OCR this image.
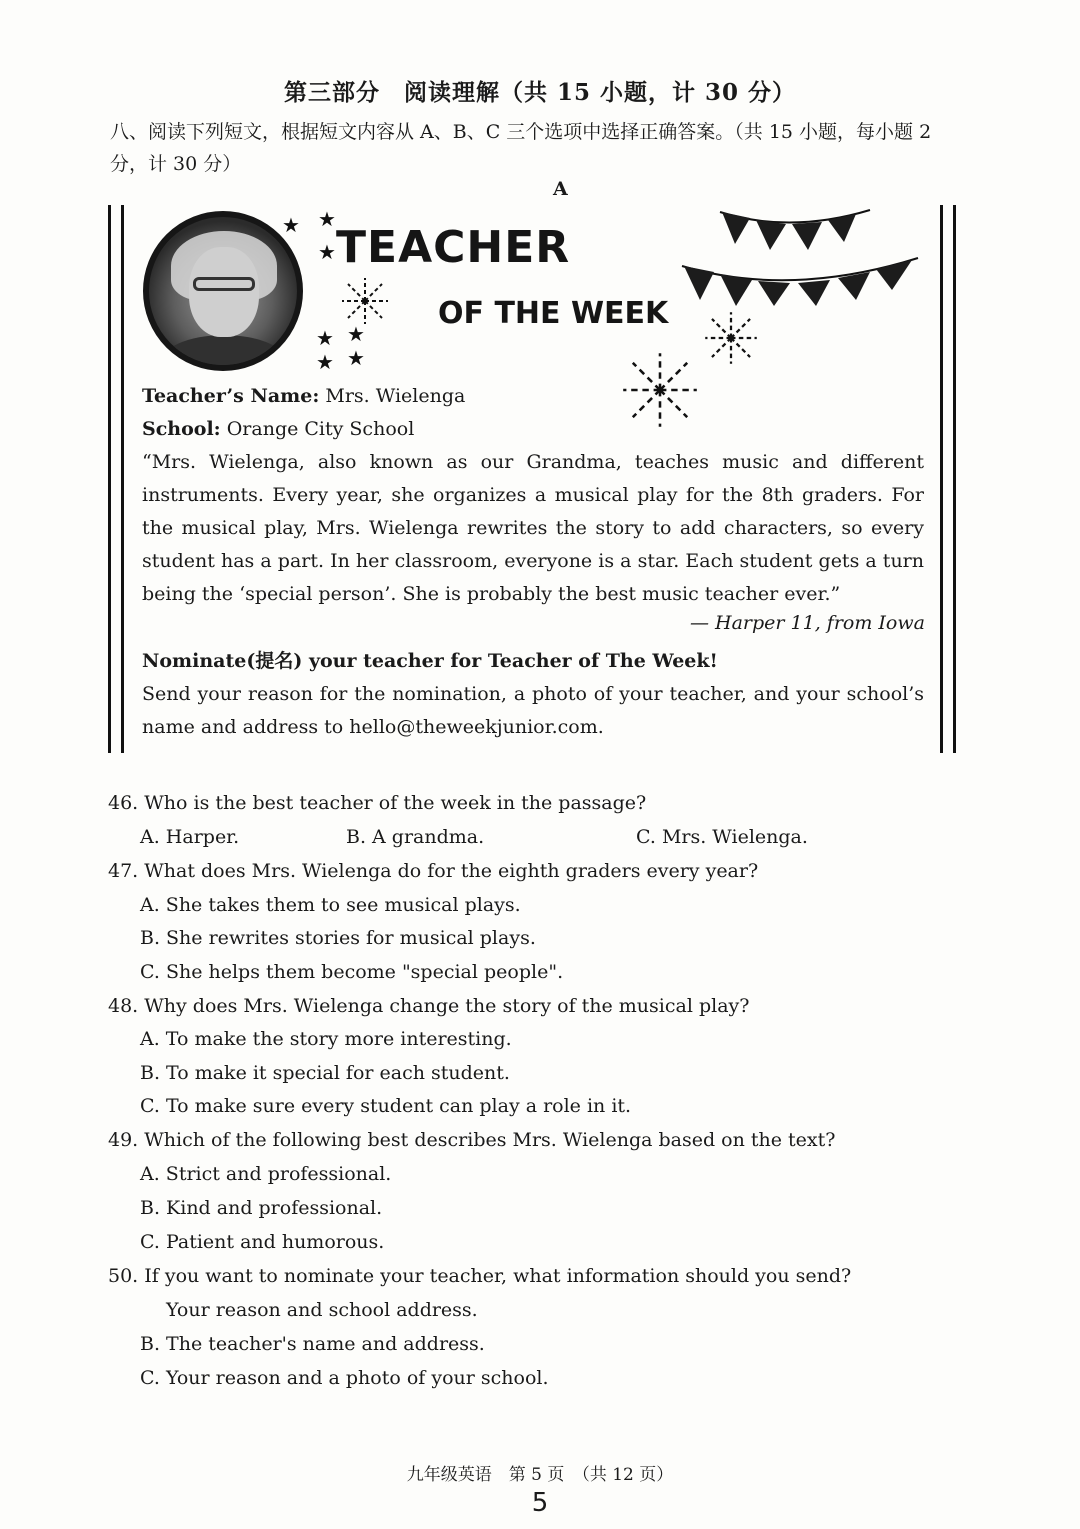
第三部分　阅读理解（共 15 小题，计 30 分）
八、阅读下列短文，根据短文内容从 A、B、C 三个选项中选择正确答案。（共 15 小题，每小题 2 分，计 30 分）
A
★ ★
★
★ ★
★
★
TEACHER
OF THE WEEK
Teacher’s Name: Mrs. Wielenga
School: Orange City School
“Mrs. Wielenga, also known as our Grandma, teaches music and different instruments. Every year, she organizes a musical play for the 8th graders. For the musical play, Mrs. Wielenga rewrites the story to add characters, so every student has a part. In her classroom, everyone is a star. Each student gets a turn being the ‘special person’. She is probably the best music teacher ever.”
— Harper 11, from Iowa
Nominate(提名) your teacher for Teacher of The Week!
Send your reason for the nomination, a photo of your teacher, and your school’s name and address to hello@theweekjunior.com.
46. Who is the best teacher of the week in the passage?
A. Harper.	B. A grandma.	C. Mrs. Wielenga.
47. What does Mrs. Wielenga do for the eighth graders every year?
A. She takes them to see musical plays.
B. She rewrites stories for musical plays.
C. She helps them become "special people".
48. Why does Mrs. Wielenga change the story of the musical play?
A. To make the story more interesting.
B. To make it special for each student.
C. To make sure every student can play a role in it.
49. Which of the following best describes Mrs. Wielenga based on the text?
A. Strict and professional.
B. Kind and professional.
C. Patient and humorous.
50. If you want to nominate your teacher, what information should you send?
Your reason and school address.
B. The teacher's name and address.
C. Your reason and a photo of your school.
九年级英语　第 5 页　（共 12 页）
5
